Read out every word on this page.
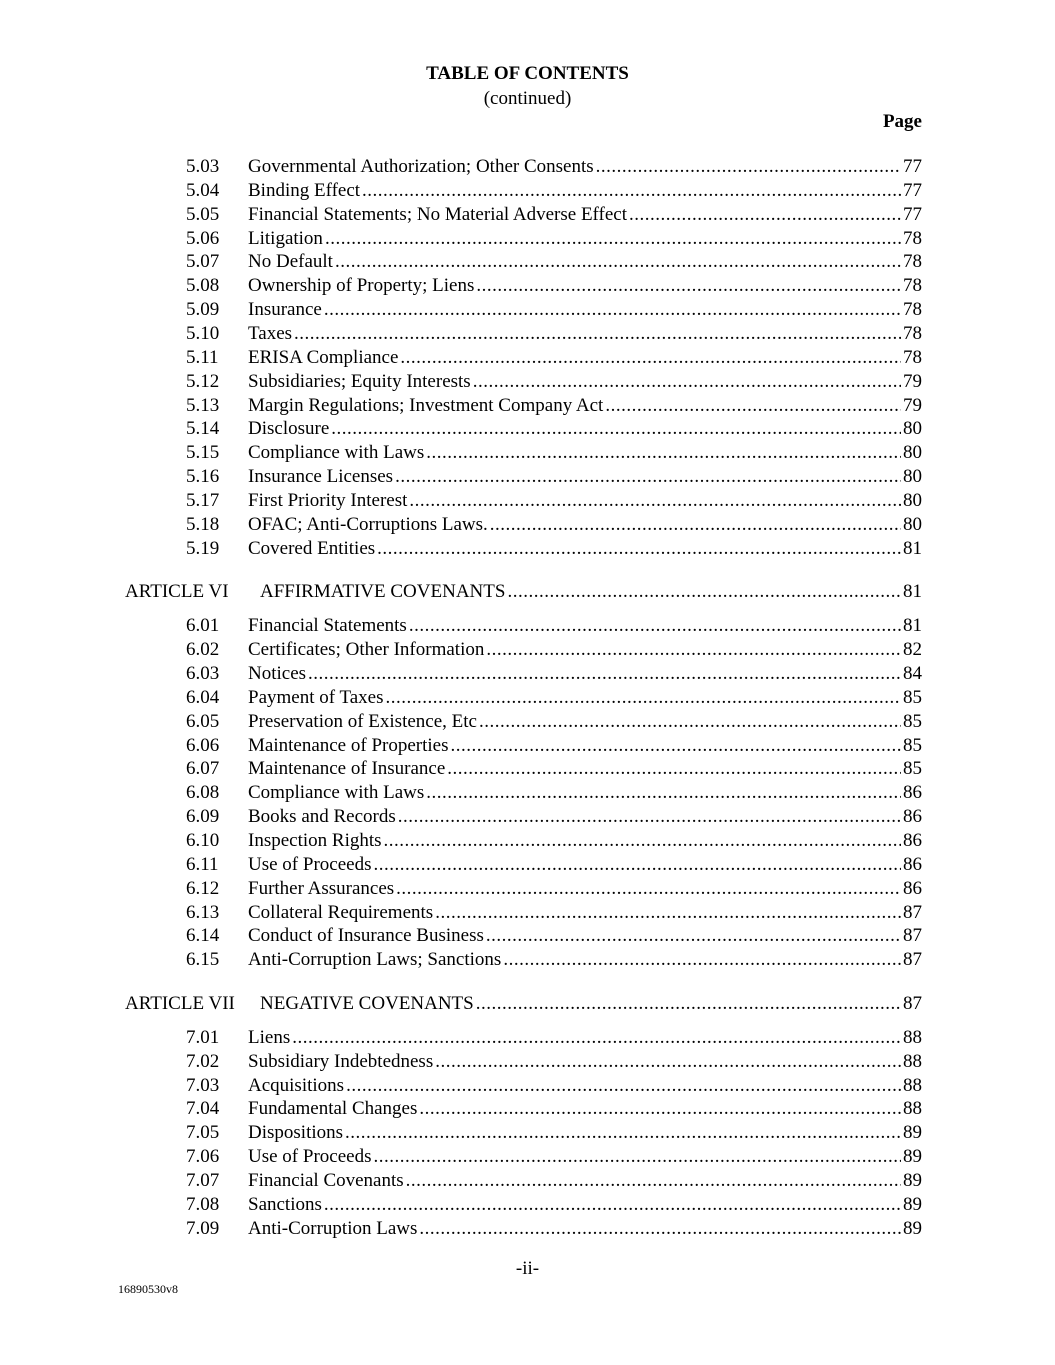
TABLE OF CONTENTS
(continued)
Page
5.03 Governmental Authorization; Other Consents .....	77
5.04 Binding Effect .....	77
5.05 Financial Statements; No Material Adverse Effect .....	77
5.06 Litigation .....	78
5.07 No Default .....	78
5.08 Ownership of Property; Liens .....	78
5.09 Insurance .....	78
5.10 Taxes .....	78
5.11 ERISA Compliance .....	78
5.12 Subsidiaries; Equity Interests .....	79
5.13 Margin Regulations; Investment Company Act .....	79
5.14 Disclosure .....	80
5.15 Compliance with Laws .....	80
5.16 Insurance Licenses .....	80
5.17 First Priority Interest .....	80
5.18 OFAC; Anti-Corruptions Laws. .....	80
5.19 Covered Entities .....	81
ARTICLE VI AFFIRMATIVE COVENANTS .....	81
6.01 Financial Statements .....	81
6.02 Certificates; Other Information .....	82
6.03 Notices .....	84
6.04 Payment of Taxes .....	85
6.05 Preservation of Existence, Etc .....	85
6.06 Maintenance of Properties .....	85
6.07 Maintenance of Insurance .....	85
6.08 Compliance with Laws .....	86
6.09 Books and Records .....	86
6.10 Inspection Rights .....	86
6.11 Use of Proceeds .....	86
6.12 Further Assurances .....	86
6.13 Collateral Requirements .....	87
6.14 Conduct of Insurance Business .....	87
6.15 Anti-Corruption Laws; Sanctions .....	87
ARTICLE VII NEGATIVE COVENANTS .....	87
7.01 Liens .....	88
7.02 Subsidiary Indebtedness .....	88
7.03 Acquisitions .....	88
7.04 Fundamental Changes .....	88
7.05 Dispositions .....	89
7.06 Use of Proceeds .....	89
7.07 Financial Covenants .....	89
7.08 Sanctions .....	89
7.09 Anti-Corruption Laws .....	89
-ii-
16890530v8
